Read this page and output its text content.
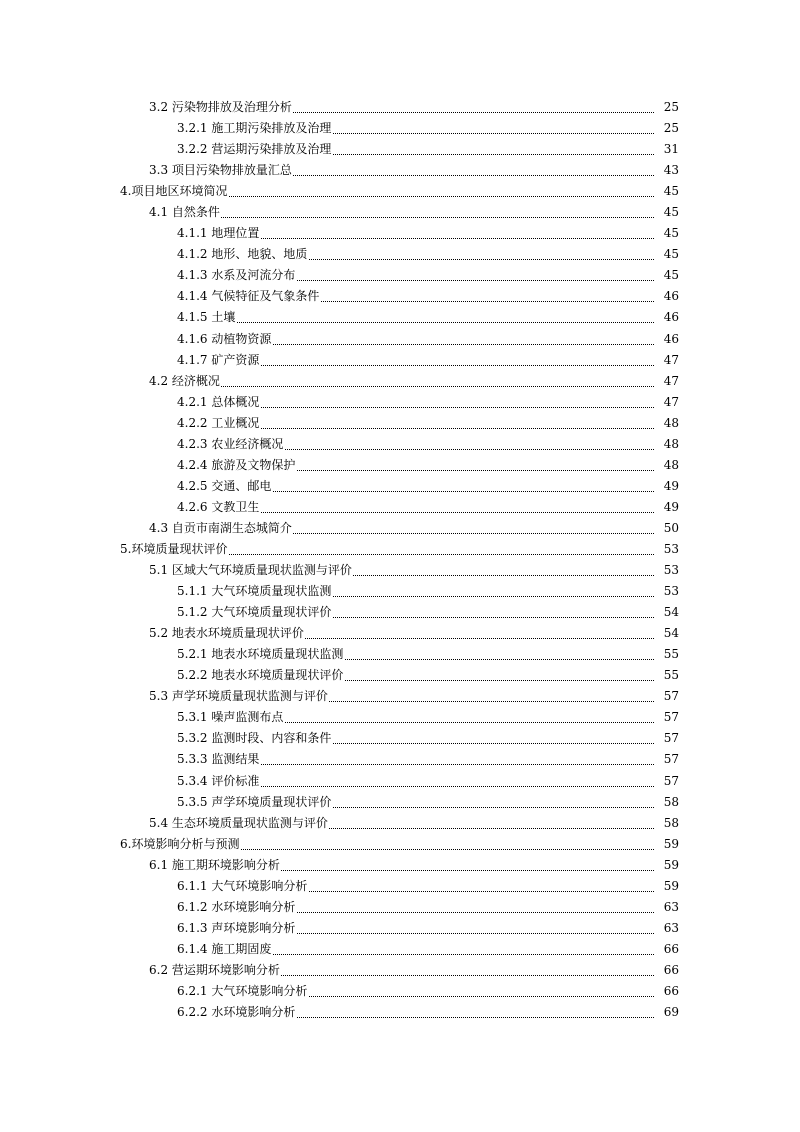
3.2 污染物排放及治理分析	25
3.2.1 施工期污染排放及治理	25
3.2.2 营运期污染排放及治理	31
3.3 项目污染物排放量汇总	43
4.项目地区环境简况	45
4.1 自然条件	45
4.1.1 地理位置	45
4.1.2 地形、地貌、地质	45
4.1.3 水系及河流分布	45
4.1.4 气候特征及气象条件	46
4.1.5 土壤	46
4.1.6 动植物资源	46
4.1.7 矿产资源	47
4.2 经济概况	47
4.2.1 总体概况	47
4.2.2 工业概况	48
4.2.3 农业经济概况	48
4.2.4 旅游及文物保护	48
4.2.5 交通、邮电	49
4.2.6 文教卫生	49
4.3 自贡市南湖生态城简介	50
5.环境质量现状评价	53
5.1 区域大气环境质量现状监测与评价	53
5.1.1 大气环境质量现状监测	53
5.1.2 大气环境质量现状评价	54
5.2 地表水环境质量现状评价	54
5.2.1 地表水环境质量现状监测	55
5.2.2 地表水环境质量现状评价	55
5.3 声学环境质量现状监测与评价	57
5.3.1 噪声监测布点	57
5.3.2 监测时段、内容和条件	57
5.3.3 监测结果	57
5.3.4 评价标准	57
5.3.5 声学环境质量现状评价	58
5.4 生态环境质量现状监测与评价	58
6.环境影响分析与预测	59
6.1 施工期环境影响分析	59
6.1.1 大气环境影响分析	59
6.1.2 水环境影响分析	63
6.1.3 声环境影响分析	63
6.1.4 施工期固废	66
6.2 营运期环境影响分析	66
6.2.1 大气环境影响分析	66
6.2.2 水环境影响分析	69
